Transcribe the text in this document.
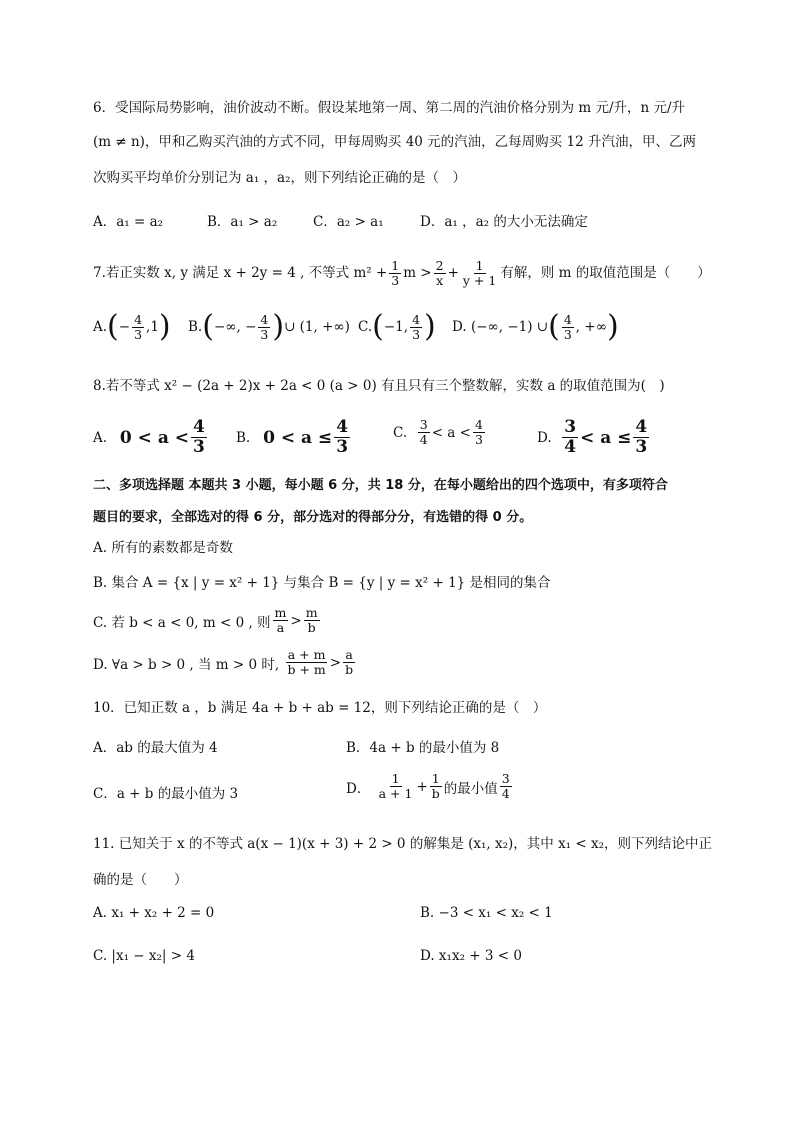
6．受国际局势影响，油价波动不断。假设某地第一周、第二周的汽油价格分别为 m 元/升，n 元/升
(m ≠ n)，甲和乙购买汽油的方式不同，甲每周购买 40 元的汽油，乙每周购买 12 升汽油，甲、乙两
次购买平均单价分别记为 a₁ ，a₂，则下列结论正确的是（　）
A．a₁ = a₂	B．a₁ > a₂	C．a₂ > a₁	D．a₁ ，a₂ 的大小无法确定
7.若正实数 x, y 满足 x + 2y = 4 , 不等式 $m^2 + \frac{1}{3}$ $m > \frac{2}{x} + \frac{1}{y + 1}$ 有解，则 m 的取值范围是（　　）
A. ( − $\frac{4}{3} ,1$ ) B. ( −∞, − $\frac{4}{3}$ ) ∪ (1, +∞) C. ( −1, $\frac{4}{3}$ ) D.
(−∞, −1) ∪ ( $\frac{4}{3}$ , +∞ )
8.若不等式 x² − (2a + 2)x + 2a < 0 (a > 0) 有且只有三个整数解，实数 a 的取值范围为(　)
A.
$0 < a < \frac{4}{3} B$.
$0 < a \le \frac{4}{3}$	C.
$\frac{3}{4} < a < \frac{4}{3}$	D.
$\frac{3}{4} < a \le \frac{4}{3}$
二、多项选择题 本题共 3 小题，每小题 6 分，共 18 分，在每小题给出的四个选项中，有多项符合
题目的要求，全部选对的得 6 分，部分选对的得部分分，有选错的得 0 分。
A. 所有的素数都是奇数
B. 集合 A = {x | y = x² + 1} 与集合 B = {y | y = x² + 1} 是相同的集合
C. 若 b < a < 0, m < 0 , 则 $\frac{m}{a} > \frac{m}{b}$
D. ∀a > b > 0 , 当 m > 0 时,
$\frac{a + m}{b + m} > \frac{a}{b}$
10．已知正数 a ，b 满足 4a + b + ab = 12，则下列结论正确的是（　）
A．ab 的最大值为 4	B．4a + b 的最小值为 8
C．a + b 的最小值为 3	D．
$\frac{1}{a + 1} + \frac{1}{b}$ 的最小值 $\frac{3}{4}$
11. 已知关于 x 的不等式 a(x − 1)(x + 3) + 2 > 0 的解集是 (x₁, x₂)，其中 x₁ < x₂，则下列结论中正
确的是（　　）
A. x₁ + x₂ + 2 = 0	B. −3 < x₁ < x₂ < 1
C. |x₁ − x₂| > 4	D. x₁x₂ + 3 < 0
